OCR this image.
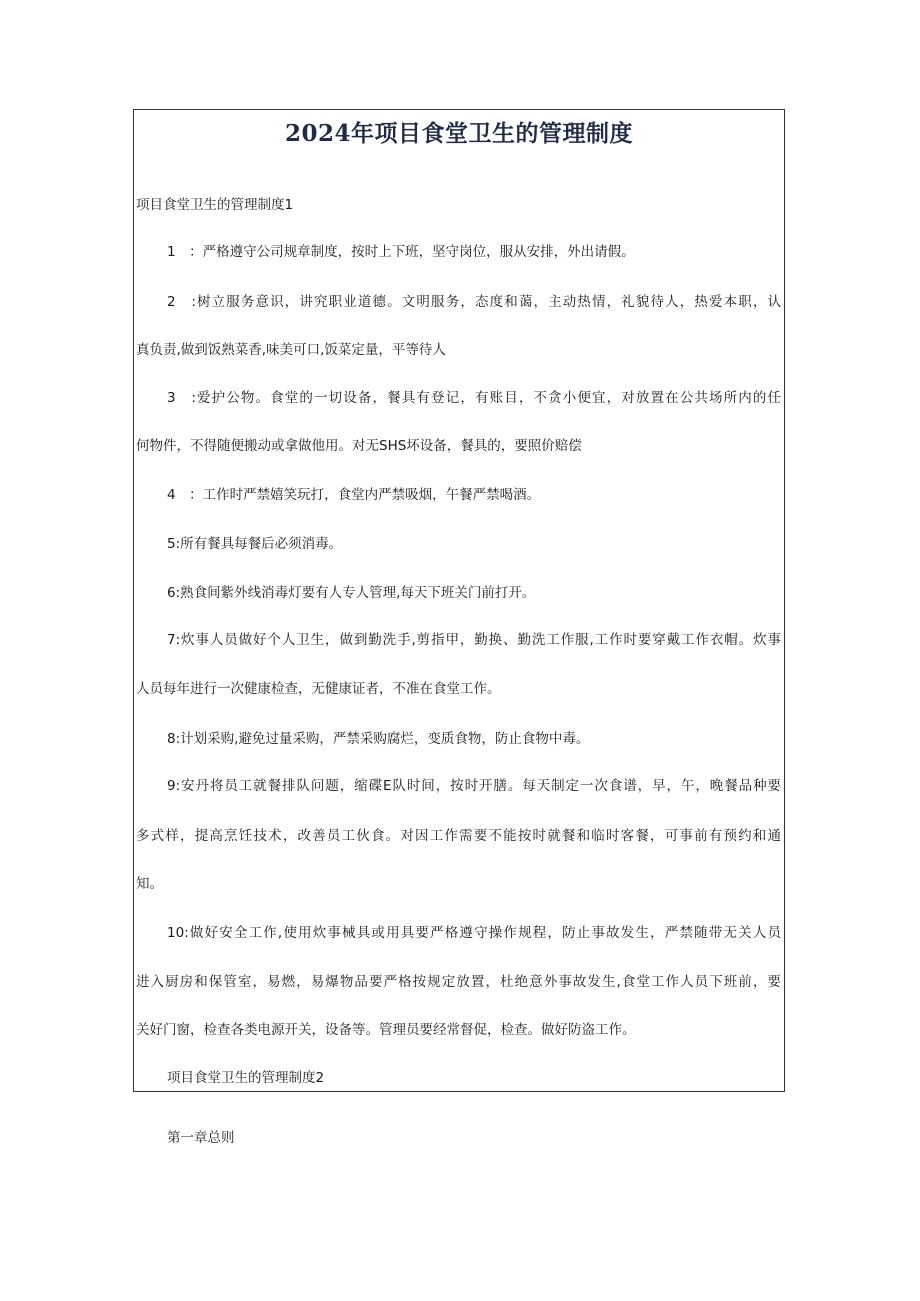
2024年项目食堂卫生的管理制度
项目食堂卫生的管理制度1
1　：严格遵守公司规章制度，按时上下班，坚守岗位，服从安排，外出请假。
2　:树立服务意识，讲究职业道德。文明服务，态度和蔼，主动热情，礼貌待人，热爱本职，认
真负责,做到饭熟菜香,味美可口,饭菜定量，平等待人
3　:爱护公物。食堂的一切设备，餐具有登记，有账目，不贪小便宜，对放置在公共场所内的任
何物件，不得随便搬动或拿做他用。对无SHS坏设备，餐具的，要照价赔偿
4　：工作时严禁嬉笑玩打，食堂内严禁吸烟，午餐严禁喝酒。
5:所有餐具每餐后必须消毒。
6:熟食间紫外线消毒灯要有人专人管理,每天下班关门前打开。
7:炊事人员做好个人卫生，做到勤洗手,剪指甲，勤换、勤洗工作服,工作时要穿戴工作衣帽。炊事
人员每年进行一次健康检查，无健康证者，不准在食堂工作。
8:计划采购,避免过量采购，严禁采购腐烂，变质食物，防止食物中毒。
9:安丹将员工就餐排队问题，缩碟E队时间，按时开膳。每天制定一次食谱，早，午，晚餐品种要
多式样，提高烹饪技术，改善员工伙食。对因工作需要不能按时就餐和临时客餐，可事前有预约和通
知。
10:做好安全工作,使用炊事械具或用具要严格遵守操作规程，防止事故发生，严禁随带无关人员
进入厨房和保管室，易燃，易爆物品要严格按规定放置，杜绝意外事故发生,食堂工作人员下班前，要
关好门窗，检查各类电源开关，设备等。管理员要经常督促，检查。做好防盗工作。
项目食堂卫生的管理制度2
第一章总则
